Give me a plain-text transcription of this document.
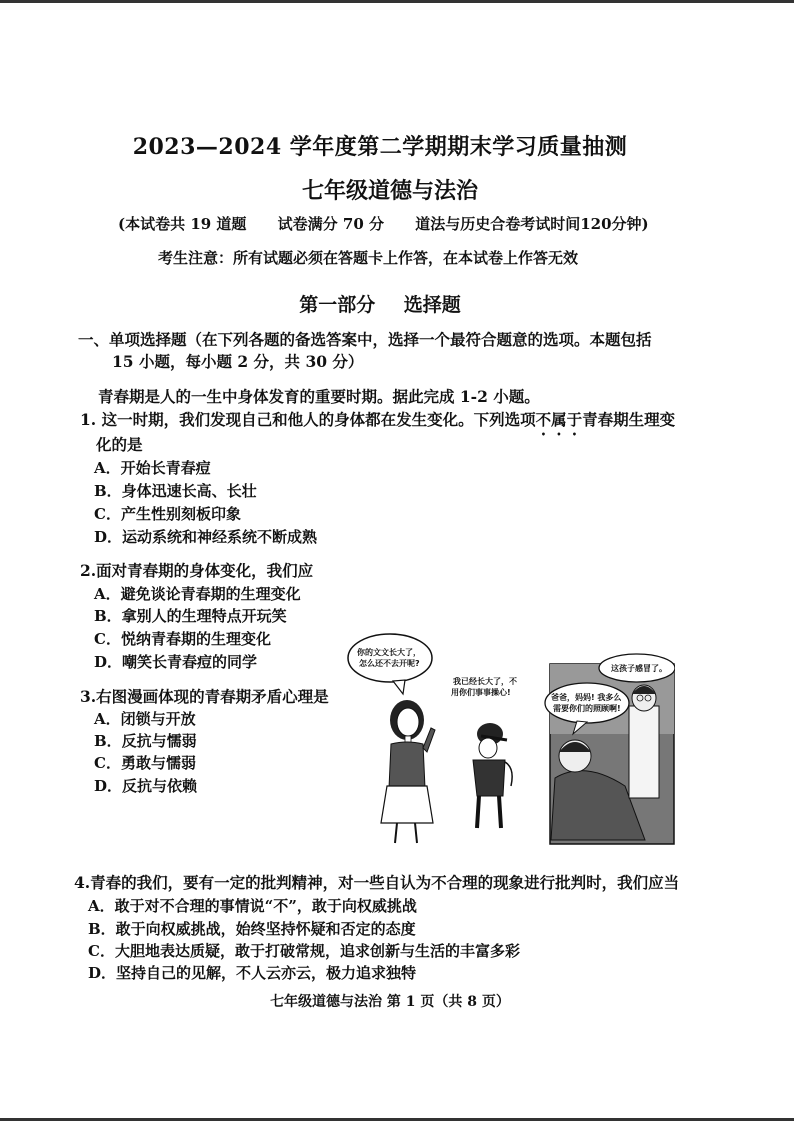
2023—2024 学年度第二学期期末学习质量抽测
七年级道德与法治
(本试卷共 19 道题 试卷满分 70 分 道法与历史合卷考试时间120分钟)
考生注意：所有试题必须在答题卡上作答，在本试卷上作答无效
第一部分 选择题
一、单项选择题（在下列各题的备选答案中，选择一个最符合题意的选项。本题包括
15 小题，每小题 2 分，共 30 分）
青春期是人的一生中身体发育的重要时期。据此完成 1-2 小题。
1. 这一时期，我们发现自己和他人的身体都在发生变化。下列选项不属于青春期生理变
化的是
A．开始长青春痘
B．身体迅速长高、长壮
C．产生性别刻板印象
D．运动系统和神经系统不断成熟
2.面对青春期的身体变化，我们应
A．避免谈论青春期的生理变化
B．拿别人的生理特点开玩笑
C．悦纳青春期的生理变化
D．嘲笑长青春痘的同学
3.右图漫画体现的青春期矛盾心理是
A．闭锁与开放
B．反抗与懦弱
C．勇敢与懦弱
D．反抗与依赖
你的文文长大了，
怎么还不去开呢?
我已经长大了，不
用你们事事操心!
这孩子感冒了。
爸爸，妈妈! 我多么
需要你们的照顾啊!
4.青春的我们，要有一定的批判精神，对一些自认为不合理的现象进行批判时，我们应当
A．敢于对不合理的事情说“不”，敢于向权威挑战
B．敢于向权威挑战，始终坚持怀疑和否定的态度
C．大胆地表达质疑，敢于打破常规，追求创新与生活的丰富多彩
D．坚持自己的见解，不人云亦云，极力追求独特
七年级道德与法治 第 1 页（共 8 页）
